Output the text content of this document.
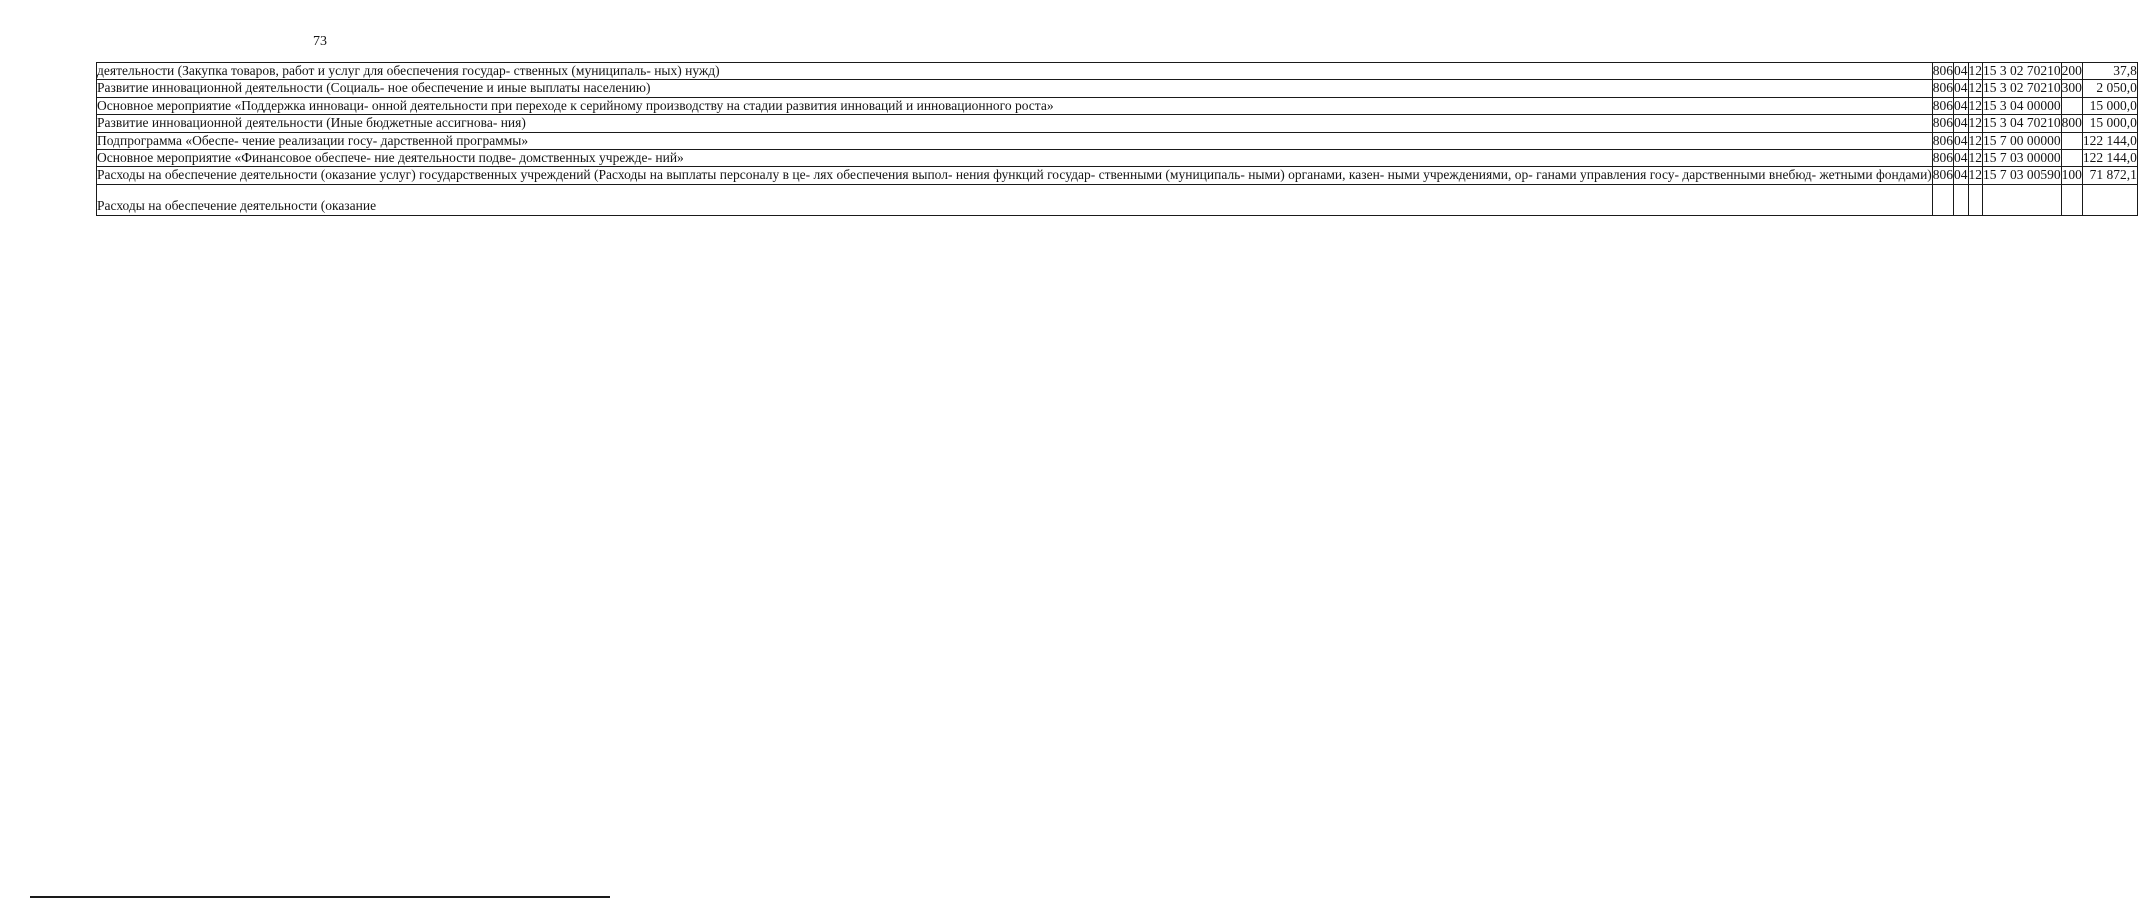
73
деятельности (Закупка товаров, работ и услуг для обеспечения государ- ственных (муниципаль- ных) нужд)	806	04	12	15 3 02 70210	200	37,8
Развитие инновационной деятельности (Социаль- ное обеспечение и иные выплаты населению)	806	04	12	15 3 02 70210	300	2 050,0
Основное мероприятие «Поддержка инноваци- онной деятельности при переходе к серийному производству на стадии развития инноваций и инновационного роста»	806	04	12	15 3 04 00000		15 000,0
Развитие инновационной деятельности (Иные бюджетные ассигнова- ния)	806	04	12	15 3 04 70210	800	15 000,0
Подпрограмма «Обеспе- чение реализации госу- дарственной программы»	806	04	12	15 7 00 00000		122 144,0
Основное мероприятие «Финансовое обеспече- ние деятельности подве- домственных учрежде- ний»	806	04	12	15 7 03 00000		122 144,0
Расходы на обеспечение деятельности (оказание услуг) государственных учреждений (Расходы на выплаты персоналу в це- лях обеспечения выпол- нения функций государ- ственными (муниципаль- ными) органами, казен- ными учреждениями, ор- ганами управления госу- дарственными внебюд- жетными фондами)	806	04	12	15 7 03 00590	100	71 872,1
Расходы на обеспечение деятельности (оказание						
